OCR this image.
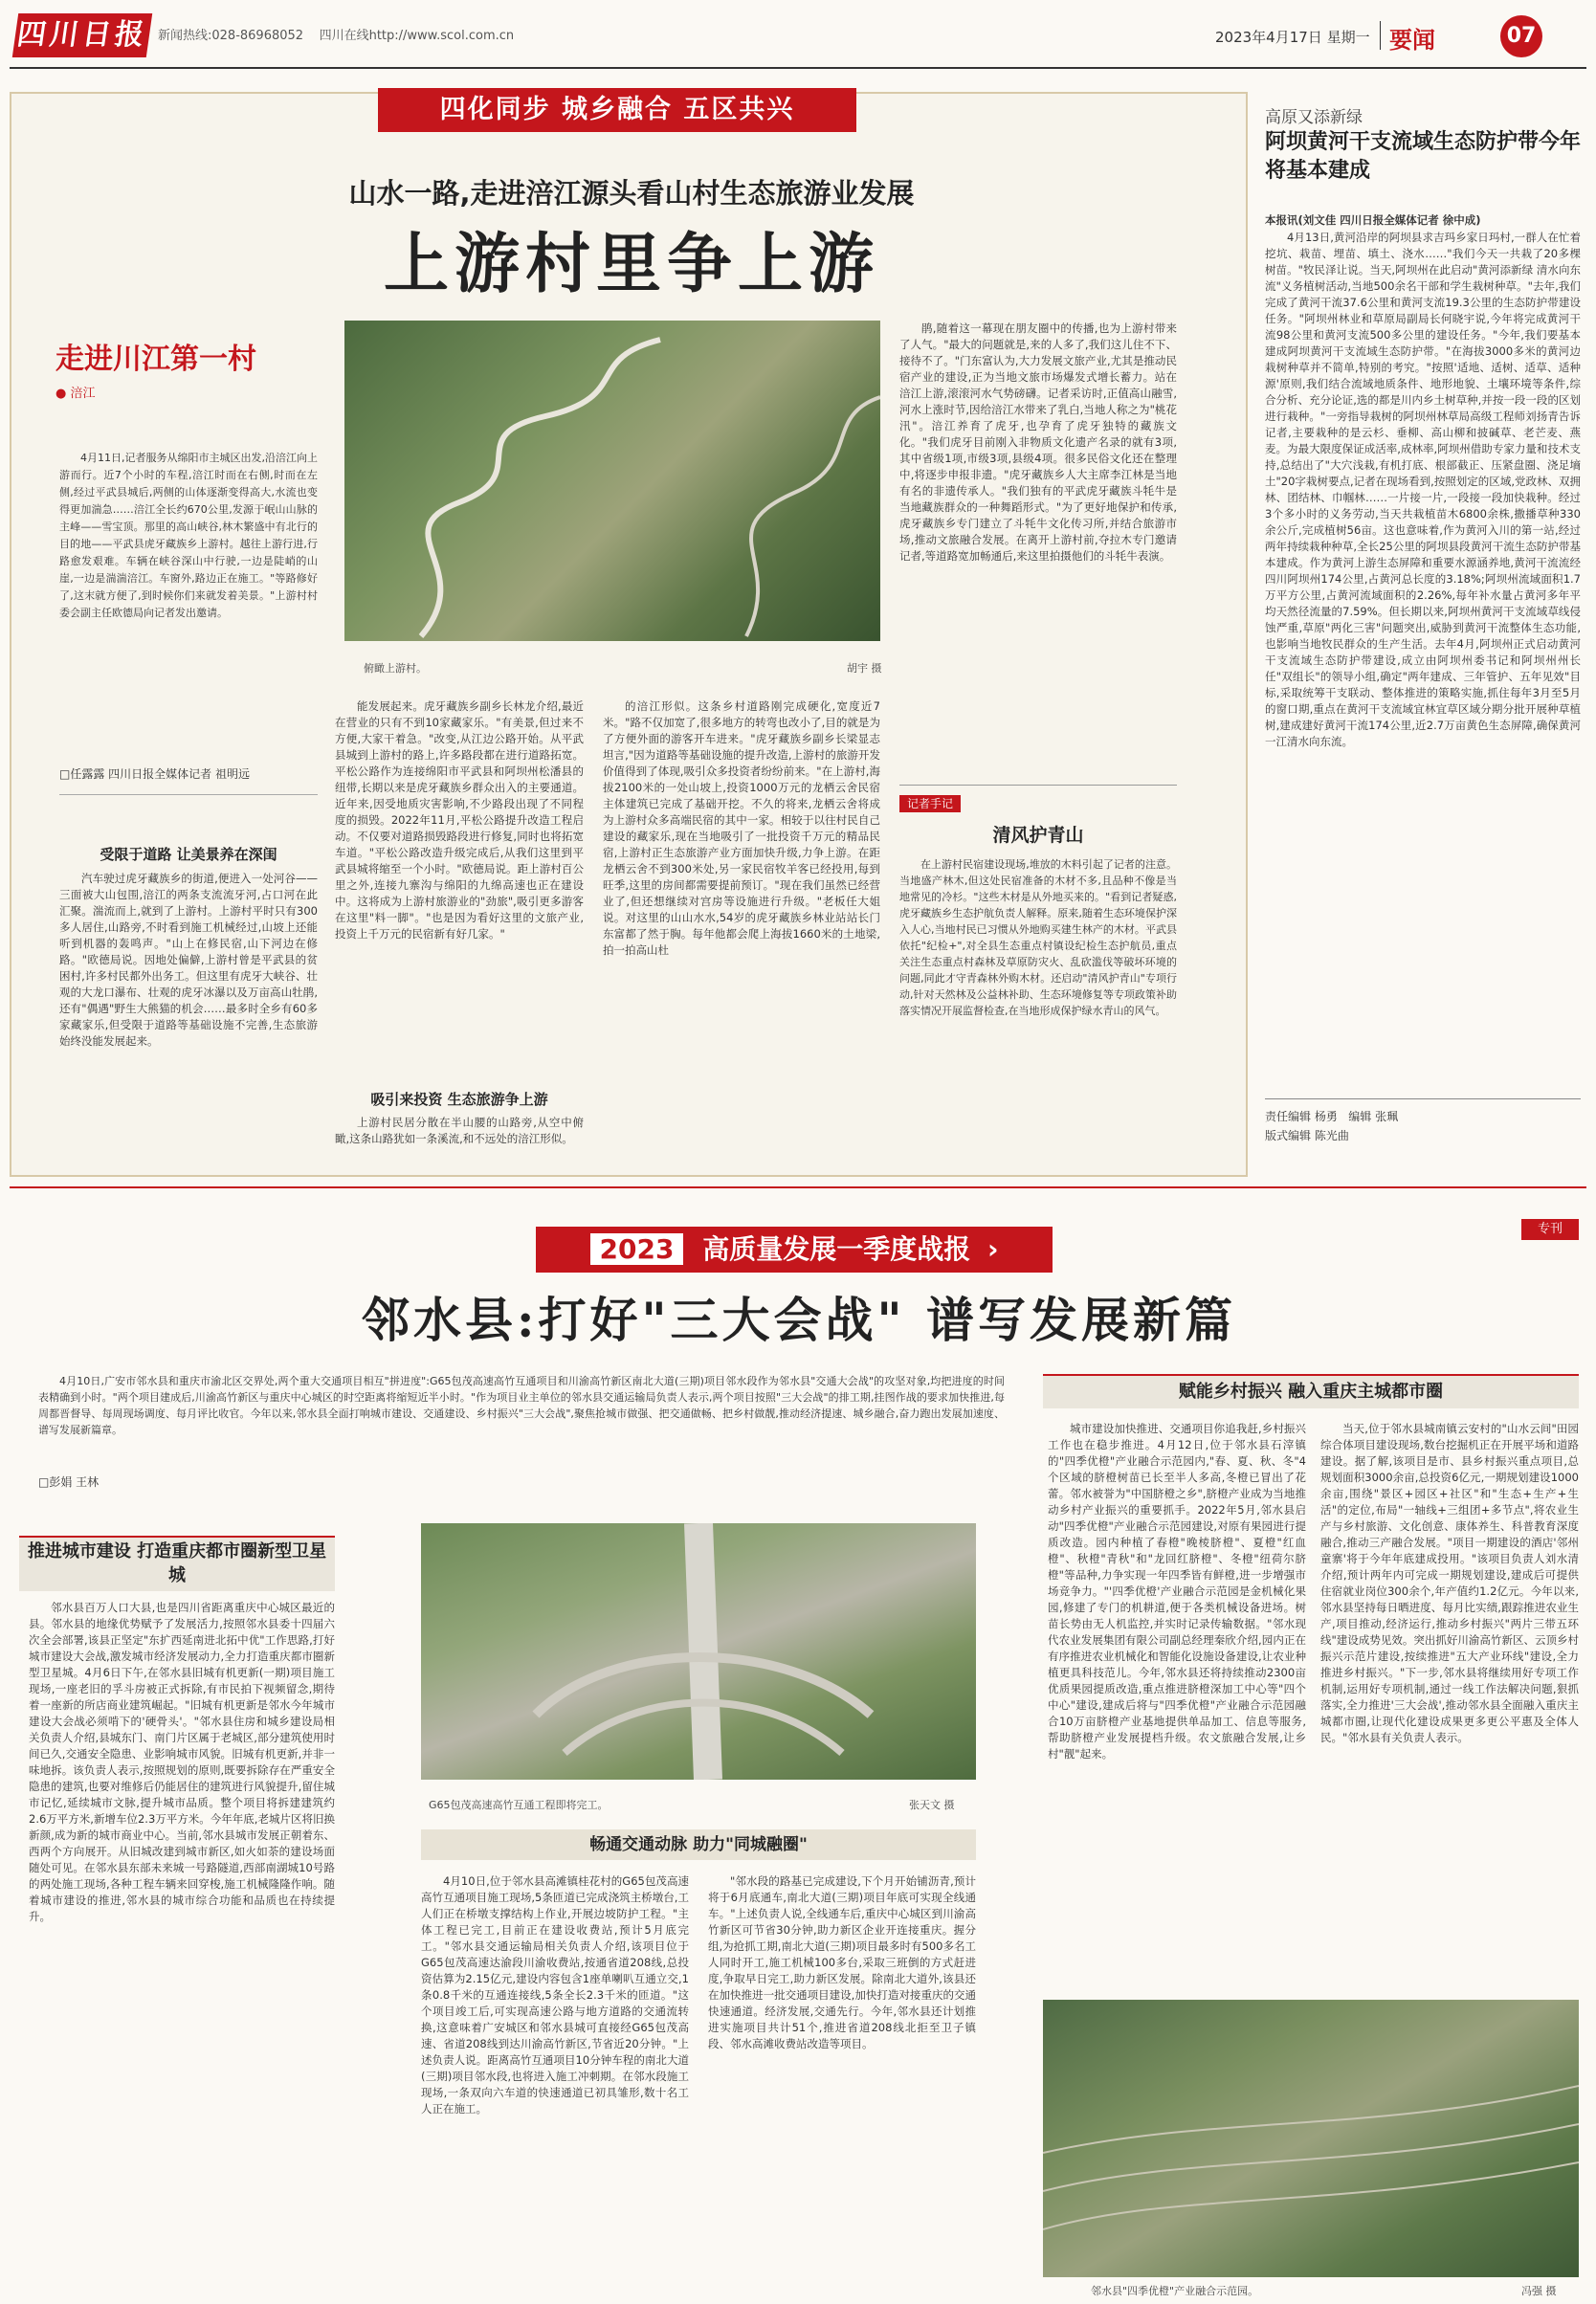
四川日报 新闻热线:028-86968052 四川在线http://www.scol.com.cn	2023年4月17日 星期一 要闻	07
四化同步 城乡融合 五区共兴
山水一路,走进涪江源头看山村生态旅游业发展
上游村里争上游
走进川江第一村
● 涪江

4月11日,记者服务从绵阳市主城区出发,沿涪江向上游而行。近7个小时的车程,涪江时而在右侧,时而在左侧,经过平武县城后,两侧的山体逐渐变得高大,水流也变得更加湍急……涪江全长约670公里,发源于岷山山脉的主峰——雪宝顶。那里的高山峡谷,林木繁盛中有北行的目的地——平武县虎牙藏族乡上游村。越往上游行进,行路愈发艰难。车辆在峡谷深山中行驶,一边是陡峭的山崖,一边是湍湍涪江。车窗外,路边正在施工。"等路修好了,这末就方便了,到时候你们来就发着美景。"上游村村委会副主任欧德局向记者发出邀请。

□任露露 四川日报全媒体记者 祖明远
俯瞰上游村。	胡宇 摄
受限于道路 让美景养在深闺

汽车驶过虎牙藏族乡的街道,便进入一处河谷——三面被大山包围,涪江的两条支流流牙河,占口河在此汇聚。湍流而上,就到了上游村。上游村平时只有300多人居住,山路旁,不时看到施工机械经过,山坡上还能听到机器的轰鸣声。"山上在修民宿,山下河边在修路。"欧德局说。因地处偏僻,上游村曾是平武县的贫困村,许多村民都外出务工。但这里有虎牙大峡谷、壮观的大龙口瀑布、壮观的虎牙冰瀑以及万亩高山牡鹃,还有"偶遇"野生大熊猫的机会……最多时全乡有60多家藏家乐,但受限于道路等基础设施不完善,生态旅游始终没能发展起来。

能发展起来。虎牙藏族乡副乡长林龙介绍,最近在营业的只有不到10家藏家乐。"有美景,但过来不方便,大家干着急。"改变,从江边公路开始。从平武县城到上游村的路上,许多路段都在进行道路拓宽。平松公路作为连接绵阳市平武县和阿坝州松潘县的纽带,长期以来是虎牙藏族乡群众出入的主要通道。近年来,因受地质灾害影响,不少路段出现了不同程度的损毁。2022年11月,平松公路提升改造工程启动。不仅要对道路损毁路段进行修复,同时也将拓宽车道。"平松公路改造升级完成后,从我们这里到平武县城将缩至一个小时。"欧德局说。距上游村百公里之外,连接九寨沟与绵阳的九绵高速也正在建设中。这将成为上游村旅游业的"劲旅",吸引更多游客在这里"料一脚"。"也是因为看好这里的文旅产业,投资上千万元的民宿新有好几家。"

吸引来投资 生态旅游争上游

上游村民居分散在半山腰的山路旁,从空中俯瞰,这条山路犹如一条溪流,和不远处的涪江形似。

的涪江形似。这条乡村道路刚完成硬化,宽度近7米。"路不仅加宽了,很多地方的转弯也改小了,目的就是为了方便外面的游客开车进来。"虎牙藏族乡副乡长梁显志坦言,"因为道路等基础设施的提升改造,上游村的旅游开发价值得到了体现,吸引众多投资者纷纷前来。"在上游村,海拔2100米的一处山坡上,投资1000万元的龙栖云舍民宿主体建筑已完成了基础开挖。不久的将来,龙栖云舍将成为上游村众多高端民宿的其中一家。相较于以往村民自己建设的藏家乐,现在当地吸引了一批投资千万元的精品民宿,上游村正生态旅游产业方面加快升级,力争上游。在距龙栖云舍不到300米处,另一家民宿牧羊客已经投用,每到旺季,这里的房间都需要提前预订。"现在我们虽然已经营业了,但还想继续对宫房等设施进行升级。"老板任大姐说。对这里的山山水水,54岁的虎牙藏族乡林业站站长门东富都了然于胸。每年他都会爬上海拔1660米的土地梁,拍一拍高山杜

鹃,随着这一幕现在朋友圈中的传播,也为上游村带来了人气。"最大的问题就是,来的人多了,我们这儿住不下、接待不了。"门东富认为,大力发展文旅产业,尤其是推动民宿产业的建设,正为当地文旅市场爆发式增长蓄力。站在涪江上游,滚滚河水气势磅礴。记者采访时,正值高山融雪,河水上涨时节,因给涪江水带来了乳白,当地人称之为"桃花汛"。涪江养育了虎牙,也孕育了虎牙独特的藏族文化。"我们虎牙目前刚入非物质文化遗产名录的就有3项,其中省级1项,市级3项,县级4项。很多民俗文化还在整理中,将逐步申报非遗。"虎牙藏族乡人大主席李江林是当地有名的非遗传承人。"我们独有的平武虎牙藏族斗牦牛是当地藏族群众的一种舞蹈形式。"为了更好地保护和传承,虎牙藏族乡专门建立了斗牦牛文化传习所,并结合旅游市场,推动文旅融合发展。在离开上游村前,夺拉木专门邀请记者,等道路宽加畅通后,来这里拍摄他们的斗牦牛表演。

记者手记
清风护青山

在上游村民宿建设现场,堆放的木料引起了记者的注意。当地盛产林木,但这处民宿准备的木材不多,且品种不像是当地常见的冷杉。"这些木材是从外地买来的。"看到记者疑惑,虎牙藏族乡生态护航负责人解释。原来,随着生态环境保护深入人心,当地村民已习惯从外地购买建生林产的木材。平武县依托"纪检+",对全县生态重点村镇设纪检生态护航员,重点关注生态重点村森林及草原防灾火、乱砍滥伐等破坏环境的问题,同此才守青森林外购木材。还启动"清风护青山"专项行动,针对天然林及公益林补助、生态环境修复等专项政策补助落实情况开展监督检查,在当地形成保护绿水青山的风气。

高原又添新绿
阿坝黄河干支流域生态防护带今年将基本建成
本报讯(刘文佳 四川日报全媒体记者 徐中成)

4月13日,黄河沿岸的阿坝县求吉玛乡家日玛村,一群人在忙着挖坑、栽苗、埋苗、填土、浇水……"我们今天一共栽了20多棵树苗。"牧民泽让说。当天,阿坝州在此启动"黄河添新绿 清水向东流"义务植树活动,当地500余名干部和学生栽树种草。"去年,我们完成了黄河干流37.6公里和黄河支流19.3公里的生态防护带建设任务。"阿坝州林业和草原局副局长何晓宇说,今年将完成黄河干流98公里和黄河支流500多公里的建设任务。"今年,我们要基本建成阿坝黄河干支流域生态防护带。"在海拔3000多米的黄河边栽树种草并不简单,特别的考究。"按照'适地、适树、适草、适种源'原则,我们结合流域地质条件、地形地貌、土壤环境等条件,综合分析、充分论证,选的都是川内乡土树草种,并按一段一段的区划进行栽种。"一旁指导栽树的阿坝州林草局高级工程师刘扬青告诉记者,主要栽种的是云杉、垂柳、高山柳和披碱草、老芒麦、燕麦。为最大限度保证成活率,成林率,阿坝州借助专家力量和技术支持,总结出了"大穴浅栽,有机打底、根部截正、压紧盘圈、浇足墒土"20字栽树要点,记者在现场看到,按照划定的区域,党政林、双拥林、团结林、巾帼林……一片接一片,一段接一段加快栽种。经过3个多小时的义务劳动,当天共栽植苗木6800余株,撒播草种330余公斤,完成植树56亩。这也意味着,作为黄河入川的第一站,经过两年持续栽种种草,全长25公里的阿坝县段黄河干流生态防护带基本建成。作为黄河上游生态屏障和重要水源涵养地,黄河干流流经四川阿坝州174公里,占黄河总长度的3.18%;阿坝州流域面积1.7万平方公里,占黄河流域面积的2.26%,每年补水量占黄河多年平均天然径流量的7.59%。但长期以来,阿坝州黄河干支流域草线侵蚀严重,草原"两化三害"问题突出,威胁到黄河干流整体生态功能,也影响当地牧民群众的生产生活。去年4月,阿坝州正式启动黄河干支流域生态防护带建设,成立由阿坝州委书记和阿坝州州长任"双组长"的领导小组,确定"两年建成、三年管护、五年见效"目标,采取统筹干支联动、整体推进的策略实施,抓住每年3月至5月的窗口期,重点在黄河干支流域宜林宜草区域分期分批开展种草植树,建成建好黄河干流174公里,近2.7万亩黄色生态屏障,确保黄河一江清水向东流。

责任编辑 杨勇 编辑 张珮
版式编辑 陈光曲
专刊
2023 高质量发展一季度战报 ›
邻水县:打好"三大会战" 谱写发展新篇

4月10日,广安市邻水县和重庆市渝北区交界处,两个重大交通项目相互"拼进度":G65包茂高速高竹互通项目和川渝高竹新区南北大道(三期)项目邻水段作为邻水县"交通大会战"的攻坚对象,均把进度的时间表精确到小时。"两个项目建成后,川渝高竹新区与重庆中心城区的时空距离将缩短近半小时。"作为项目业主单位的邻水县交通运输局负责人表示,两个项目按照"三大会战"的排工期,挂图作战的要求加快推进,每周都晋督导、每周现场调度、每月评比收官。今年以来,邻水县全面打响城市建设、交通建设、乡村振兴"三大会战",聚焦抢城市做强、把交通做畅、把乡村做靓,推动经济提速、城乡融合,奋力跑出发展加速度、谱写发展新篇章。

□彭娟 王林
推进城市建设 打造重庆都市圈新型卫星城

邻水县百万人口大县,也是四川省距离重庆中心城区最近的县。邻水县的地缘优势赋予了发展活力,按照邻水县委十四届六次全会部署,该县正坚定"东扩西延南进北拓中优"工作思路,打好城市建设大会战,激发城市经济发展动力,全力打造重庆都市圈新型卫星城。4月6日下午,在邻水县旧城有机更新(一期)项目施工现场,一座老旧的孚斗房被正式拆除,有市民拍下视频留念,期待着一座新的所店商业建筑崛起。"旧城有机更新是邻水今年城市建设大会战必须啃下的'硬骨头'。"邻水县住房和城乡建设局相关负责人介绍,县城东门、南门片区属于老城区,部分建筑使用时间已久,交通安全隐患、业影响城市风貌。旧城有机更新,并非一味地拆。该负责人表示,按照规划的原则,既要拆除存在严重安全隐患的建筑,也要对维修后仍能居住的建筑进行风貌提升,留住城市记忆,延续城市文脉,提升城市品质。整个项目将拆建建筑约2.6万平方米,新增车位2.3万平方米。今年年底,老城片区将旧换新颜,成为新的城市商业中心。当前,邻水县城市发展正朝着东、西两个方向展开。从旧城改建到城市新区,如火如荼的建设场面随处可见。在邻水县东部未来城一号路隧道,西部南湖城10号路的两处施工现场,各种工程车辆来回穿梭,施工机械隆隆作响。随着城市建设的推进,邻水县的城市综合功能和品质也在持续提升。

G65包茂高速高竹互通工程即将完工。	张天文 摄
畅通交通动脉 助力"同城融圈"

4月10日,位于邻水县高滩镇桂花村的G65包茂高速高竹互通项目施工现场,5条匝道已完成浇筑主桥墩台,工人们正在桥墩支撑结构上作业,开展边坡防护工程。"主体工程已完工,目前正在建设收费站,预计5月底完工。"邻水县交通运输局相关负责人介绍,该项目位于G65包茂高速达渝段川渝收费站,按通省道208线,总投资估算为2.15亿元,建设内容包含1座单喇叭互通立交,1条0.8千米的互通连接线,5条全长2.3千米的匝道。"这个项目竣工后,可实现高速公路与地方道路的交通流转换,这意味着广安城区和邻水县城可直接经G65包茂高速、省道208线到达川渝高竹新区,节省近20分钟。"上述负责人说。距离高竹互通项目10分钟车程的南北大道(三期)项目邻水段,也将进入施工冲刺期。在邻水段施工现场,一条双向六车道的快速通道已初具雏形,数十名工人正在施工。

"邻水段的路基已完成建设,下个月开始铺沥青,预计将于6月底通车,南北大道(三期)项目年底可实现全线通车。"上述负责人说,全线通车后,重庆中心城区到川渝高竹新区可节省30分钟,助力新区企业开连接重庆。握分组,为抢抓工期,南北大道(三期)项目最多时有500多名工人同时开工,施工机械100多台,采取三班倒的方式赶进度,争取早日完工,助力新区发展。除南北大道外,该县还在加快推进一批交通项目建设,加快打造对接重庆的交通快速通道。经济发展,交通先行。今年,邻水县还计划推进实施项目共计51个,推进省道208线北拒至卫子镇段、邻水高滩收费站改造等项目。

赋能乡村振兴 融入重庆主城都市圈

城市建设加快推进、交通项目你追我赶,乡村振兴工作也在稳步推进。4月12日,位于邻水县石滓镇的"四季优橙"产业融合示范园内,"春、夏、秋、冬"4个区域的脐橙树苗已长至半人多高,冬橙已冒出了花蕾。邻水被誉为"中国脐橙之乡",脐橙产业成为当地推动乡村产业振兴的重要抓手。2022年5月,邻水县启动"四季优橙"产业融合示范园建设,对原有果园进行提质改造。园内种植了春橙"晚棱脐橙"、夏橙"红血橙"、秋橙"青秋"和"龙回红脐橙"、冬橙"纽荷尔脐橙"等品种,力争实现一年四季皆有鲜橙,进一步增强市场竞争力。"'四季优橙'产业融合示范园是金机械化果园,修建了专门的机耕道,便于各类机械设备进场。树苗长势由无人机监控,并实时记录传输数据。"邻水现代农业发展集团有限公司副总经理秦欣介绍,园内正在有序推进农业机械化和智能化设施设备建设,让农业种植更具科技范儿。今年,邻水县还将持续推动2300亩优质果园提质改造,重点推进脐橙深加工中心等"四个中心"建设,建成后将与"四季优橙"产业融合示范园融合10万亩脐橙产业基地提供单品加工、信息等服务,帮助脐橙产业发展提档升级。农文旅融合发展,让乡村"靓"起来。

当天,位于邻水县城南镇云安村的"山水云间"田园综合体项目建设现场,数台挖掘机正在开展平场和道路建设。据了解,该项目是市、县乡村振兴重点项目,总规划面积3000余亩,总投资6亿元,一期规划建设1000余亩,围绕"景区+园区+社区"和"生态+生产+生活"的定位,布局"一轴线+三组团+多节点",将农业生产与乡村旅游、文化创意、康体养生、科普教育深度融合,推动三产融合发展。"项目一期建设的酒店'邻州童寨'将于今年年底建成投用。"该项目负责人刘水清介绍,预计两年内可完成一期规划建设,建成后可提供住宿就业岗位300余个,年产值约1.2亿元。今年以来,邻水县坚持每日晒进度、每月比实绩,跟踪推进农业生产,项目推动,经济运行,推动乡村振兴"两片三带五环线"建设成势见效。突出抓好川渝高竹新区、云顶乡村振兴示范片建设,按续推进"五大产业环线"建设,全力推进乡村振兴。"下一步,邻水县将继续用好专项工作机制,运用好专项机制,通过一线工作法解决问题,狠抓落实,全力推进'三大会战',推动邻水县全面融入重庆主城都市圈,让现代化建设成果更多更公平惠及全体人民。"邻水县有关负责人表示。

邻水县"四季优橙"产业融合示范园。	冯强 摄
